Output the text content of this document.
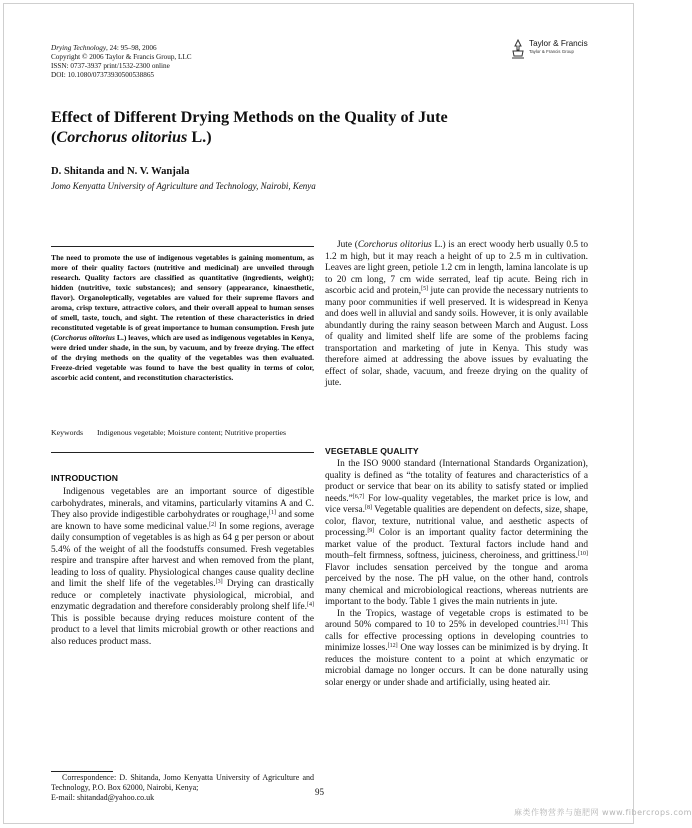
Drying Technology, 24: 95–98, 2006
Copyright © 2006 Taylor & Francis Group, LLC
ISSN: 0737-3937 print/1532-2300 online
DOI: 10.1080/07373930500538865
Taylor & Francis
Taylor & Francis Group
Effect of Different Drying Methods on the Quality of Jute
(Corchorus olitorius L.)
D. Shitanda and N. V. Wanjala
Jomo Kenyatta University of Agriculture and Technology, Nairobi, Kenya
The need to promote the use of indigenous vegetables is gaining momentum, as more of their quality factors (nutritive and medicinal) are unveiled through research. Quality factors are classified as quantitative (ingredients, weight); hidden (nutritive, toxic substances); and sensory (appearance, kinaesthetic, flavor). Organoleptically, vegetables are valued for their supreme flavors and aroma, crisp texture, attractive colors, and their overall appeal to human senses of smell, taste, touch, and sight. The retention of these characteristics in dried reconstituted vegetable is of great importance to human consumption. Fresh jute (Corchorus olitorius L.) leaves, which are used as indigenous vegetables in Kenya, were dried under shade, in the sun, by vacuum, and by freeze drying. The effect of the drying methods on the quality of the vegetables was then evaluated. Freeze-dried vegetable was found to have the best quality in terms of color, ascorbic acid content, and reconstitution characteristics.
Keywords	Indigenous vegetable; Moisture content; Nutritive properties
INTRODUCTION

Indigenous vegetables are an important source of digestible carbohydrates, minerals, and vitamins, particularly vitamins A and C. They also provide indigestible carbohydrates or roughage,[1] and some are known to have some medicinal value.[2] In some regions, average daily consumption of vegetables is as high as 64 g per person or about 5.4% of the weight of all the foodstuffs consumed. Fresh vegetables respire and transpire after harvest and when removed from the plant, leading to loss of quality. Physiological changes cause quality decline and limit the shelf life of the vegetables.[3] Drying can drastically reduce or completely inactivate physiological, microbial, and enzymatic degradation and therefore considerably prolong shelf life.[4] This is possible because drying reduces moisture content of the product to a level that limits microbial growth or other reactions and also reduces product mass.

Correspondence: D. Shitanda, Jomo Kenyatta University of Agriculture and Technology, P.O. Box 62000, Nairobi, Kenya;
E-mail: shitandad@yahoo.co.uk

Jute (Corchorus olitorius L.) is an erect woody herb usually 0.5 to 1.2 m high, but it may reach a height of up to 2.5 m in cultivation. Leaves are light green, petiole 1.2 cm in length, lamina lancolate is up to 20 cm long, 7 cm wide serrated, leaf tip acute. Being rich in ascorbic acid and protein,[5] jute can provide the necessary nutrients to many poor communities if well preserved. It is widespread in Kenya and does well in alluvial and sandy soils. However, it is only available abundantly during the rainy season between March and August. Loss of quality and limited shelf life are some of the problems facing transportation and marketing of jute in Kenya. This study was therefore aimed at addressing the above issues by evaluating the effect of solar, shade, vacuum, and freeze drying on the quality of jute.

VEGETABLE QUALITY

In the ISO 9000 standard (International Standards Organization), quality is defined as “the totality of features and characteristics of a product or service that bear on its ability to satisfy stated or implied needs.”[6,7] For low-quality vegetables, the market price is low, and vice versa.[8] Vegetable qualities are dependent on defects, size, shape, color, flavor, texture, nutritional value, and aesthetic aspects of processing.[9] Color is an important quality factor determining the market value of the product. Textural factors include hand and mouth–felt firmness, softness, juiciness, cheroiness, and grittiness.[10] Flavor includes sensation perceived by the tongue and aroma perceived by the nose. The pH value, on the other hand, controls many chemical and microbiological reactions, whereas nutrients are important to the body. Table 1 gives the main nutrients in jute.

In the Tropics, wastage of vegetable crops is estimated to be around 50% compared to 10 to 25% in developed countries.[11] This calls for effective processing options in developing countries to minimize losses.[12] One way losses can be minimized is by drying. It reduces the moisture content to a point at which enzymatic or microbial damage no longer occurs. It can be done naturally using solar energy or under shade and artificially, using heated air.

95
麻类作物营养与施肥网 www.fibercrops.com
